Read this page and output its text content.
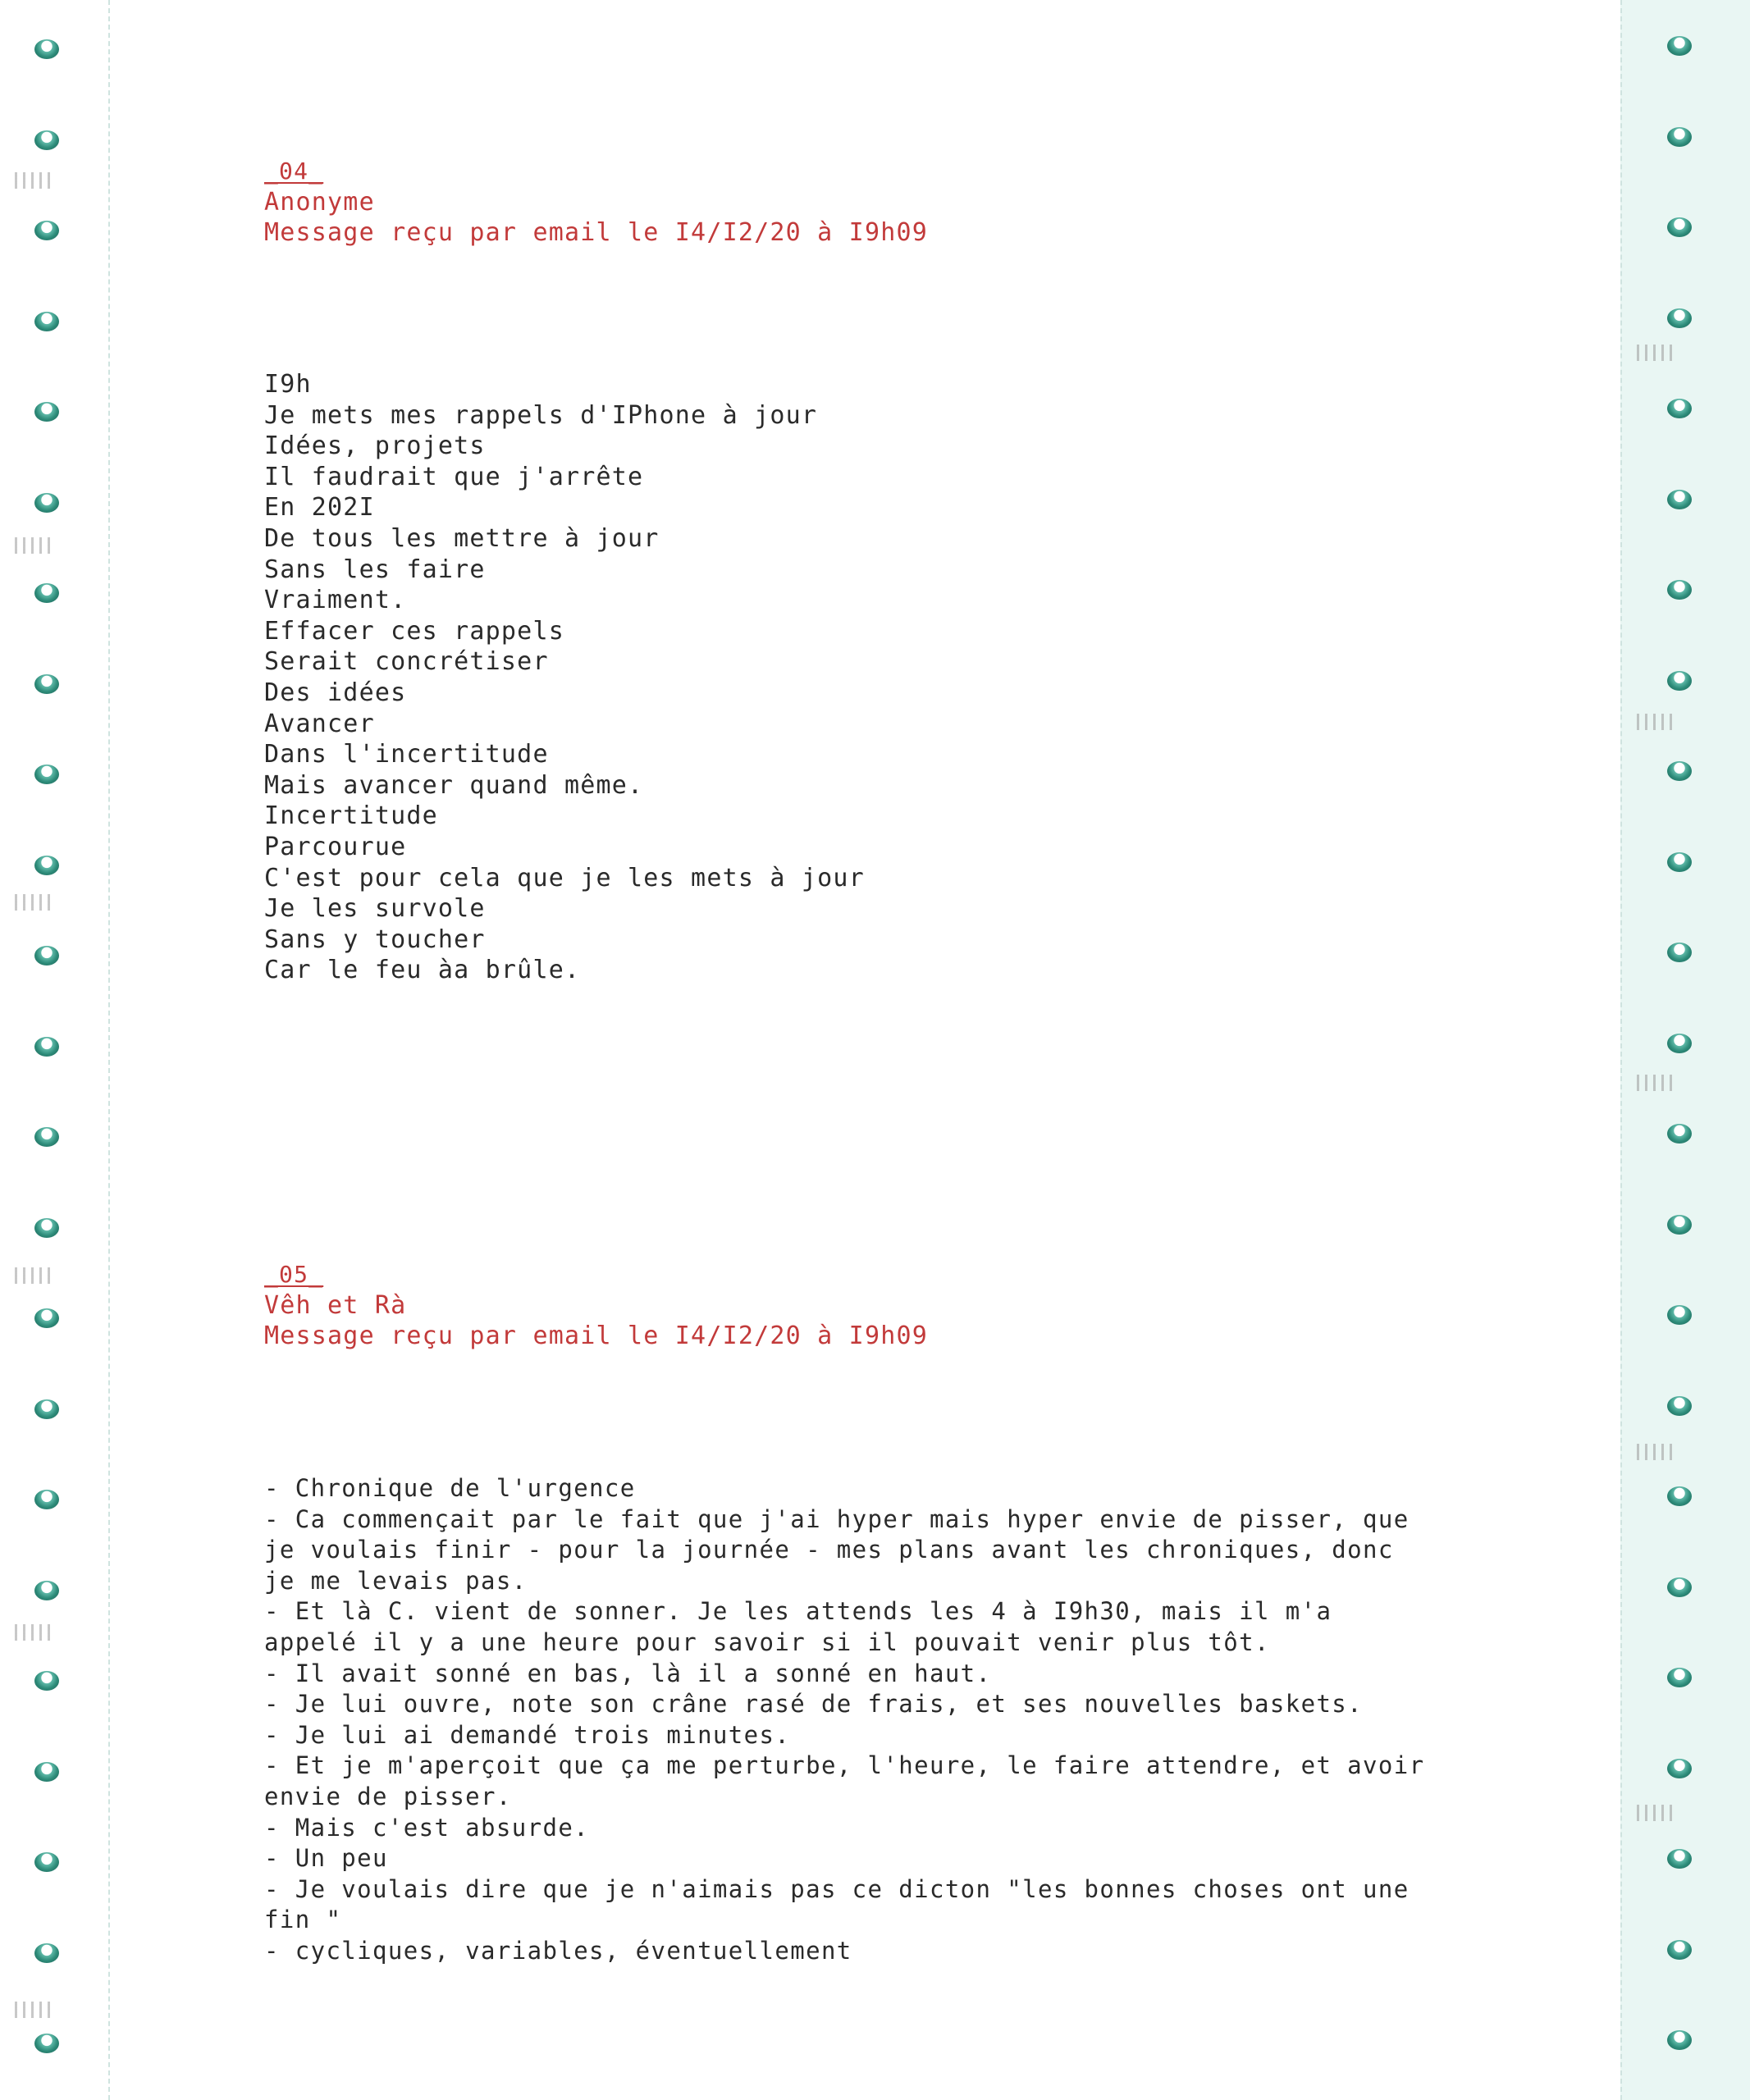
_04_
Anonyme
Message reçu par email le I4/I2/20 à I9h09
I9h
Je mets mes rappels d'IPhone à jour
Idées, projets
Il faudrait que j'arrête
En 202I
De tous les mettre à jour
Sans les faire
Vraiment.
Effacer ces rappels
Serait concrétiser
Des idées
Avancer
Dans l'incertitude
Mais avancer quand même.
Incertitude
Parcourue
C'est pour cela que je les mets à jour
Je les survole
Sans y toucher
Car le feu àa brûle.
_05_
Vêh et Rà
Message reçu par email le I4/I2/20 à I9h09
- Chronique de l'urgence
- Ca commençait par le fait que j'ai hyper mais hyper envie de pisser, que je voulais finir - pour la journée - mes plans avant les chroniques, donc je me levais pas.
- Et là C. vient de sonner. Je les attends les 4 à I9h30, mais il m'a appelé il y a une heure pour savoir si il pouvait venir plus tôt.
- Il avait sonné en bas, là il a sonné en haut.
- Je lui ouvre, note son crâne rasé de frais, et ses nouvelles baskets.
- Je lui ai demandé trois minutes.
- Et je m'aperçoit que ça me perturbe, l'heure, le faire attendre, et avoir envie de pisser.
- Mais c'est absurde.
- Un peu
- Je voulais dire que je n'aimais pas ce dicton "les bonnes choses ont une fin "
- cycliques, variables, éventuellement
